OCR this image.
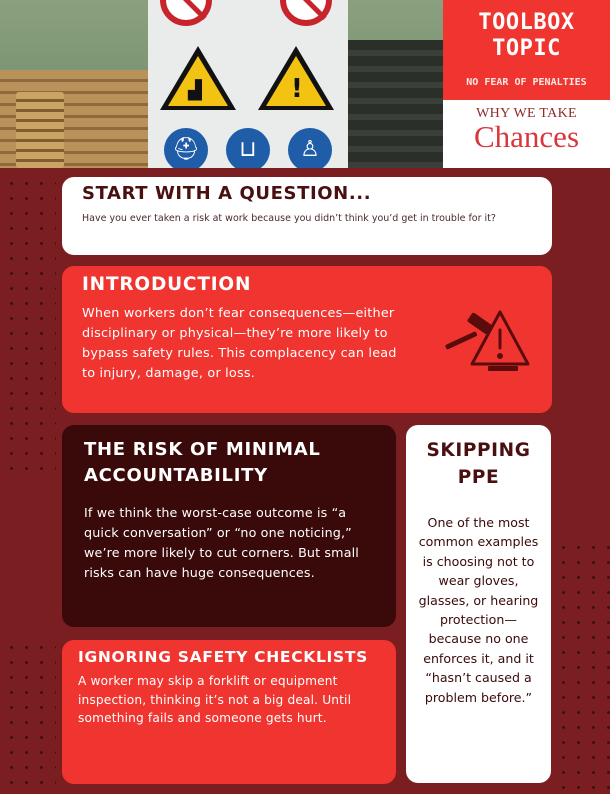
▟	!
⛑	⊔	♙
TOOLBOX
TOPIC
NO FEAR OF PENALTIES
WHY WE TAKE
Chances
START WITH A QUESTION...
Have you ever taken a risk at work because you didn’t think you’d get in trouble for it?
INTRODUCTION
When workers don’t fear consequences—either disciplinary or physical—they’re more likely to bypass safety rules. This complacency can lead to injury, damage, or loss.
THE RISK OF MINIMAL ACCOUNTABILITY
If we think the worst-case outcome is “a quick conversation” or “no one noticing,” we’re more likely to cut corners. But small risks can have huge consequences.
SKIPPING PPE
One of the most common examples is choosing not to wear gloves, glasses, or hearing protection—because no one enforces it, and it “hasn’t caused a problem before.”
IGNORING SAFETY CHECKLISTS
A worker may skip a forklift or equipment inspection, thinking it’s not a big deal. Until something fails and someone gets hurt.
